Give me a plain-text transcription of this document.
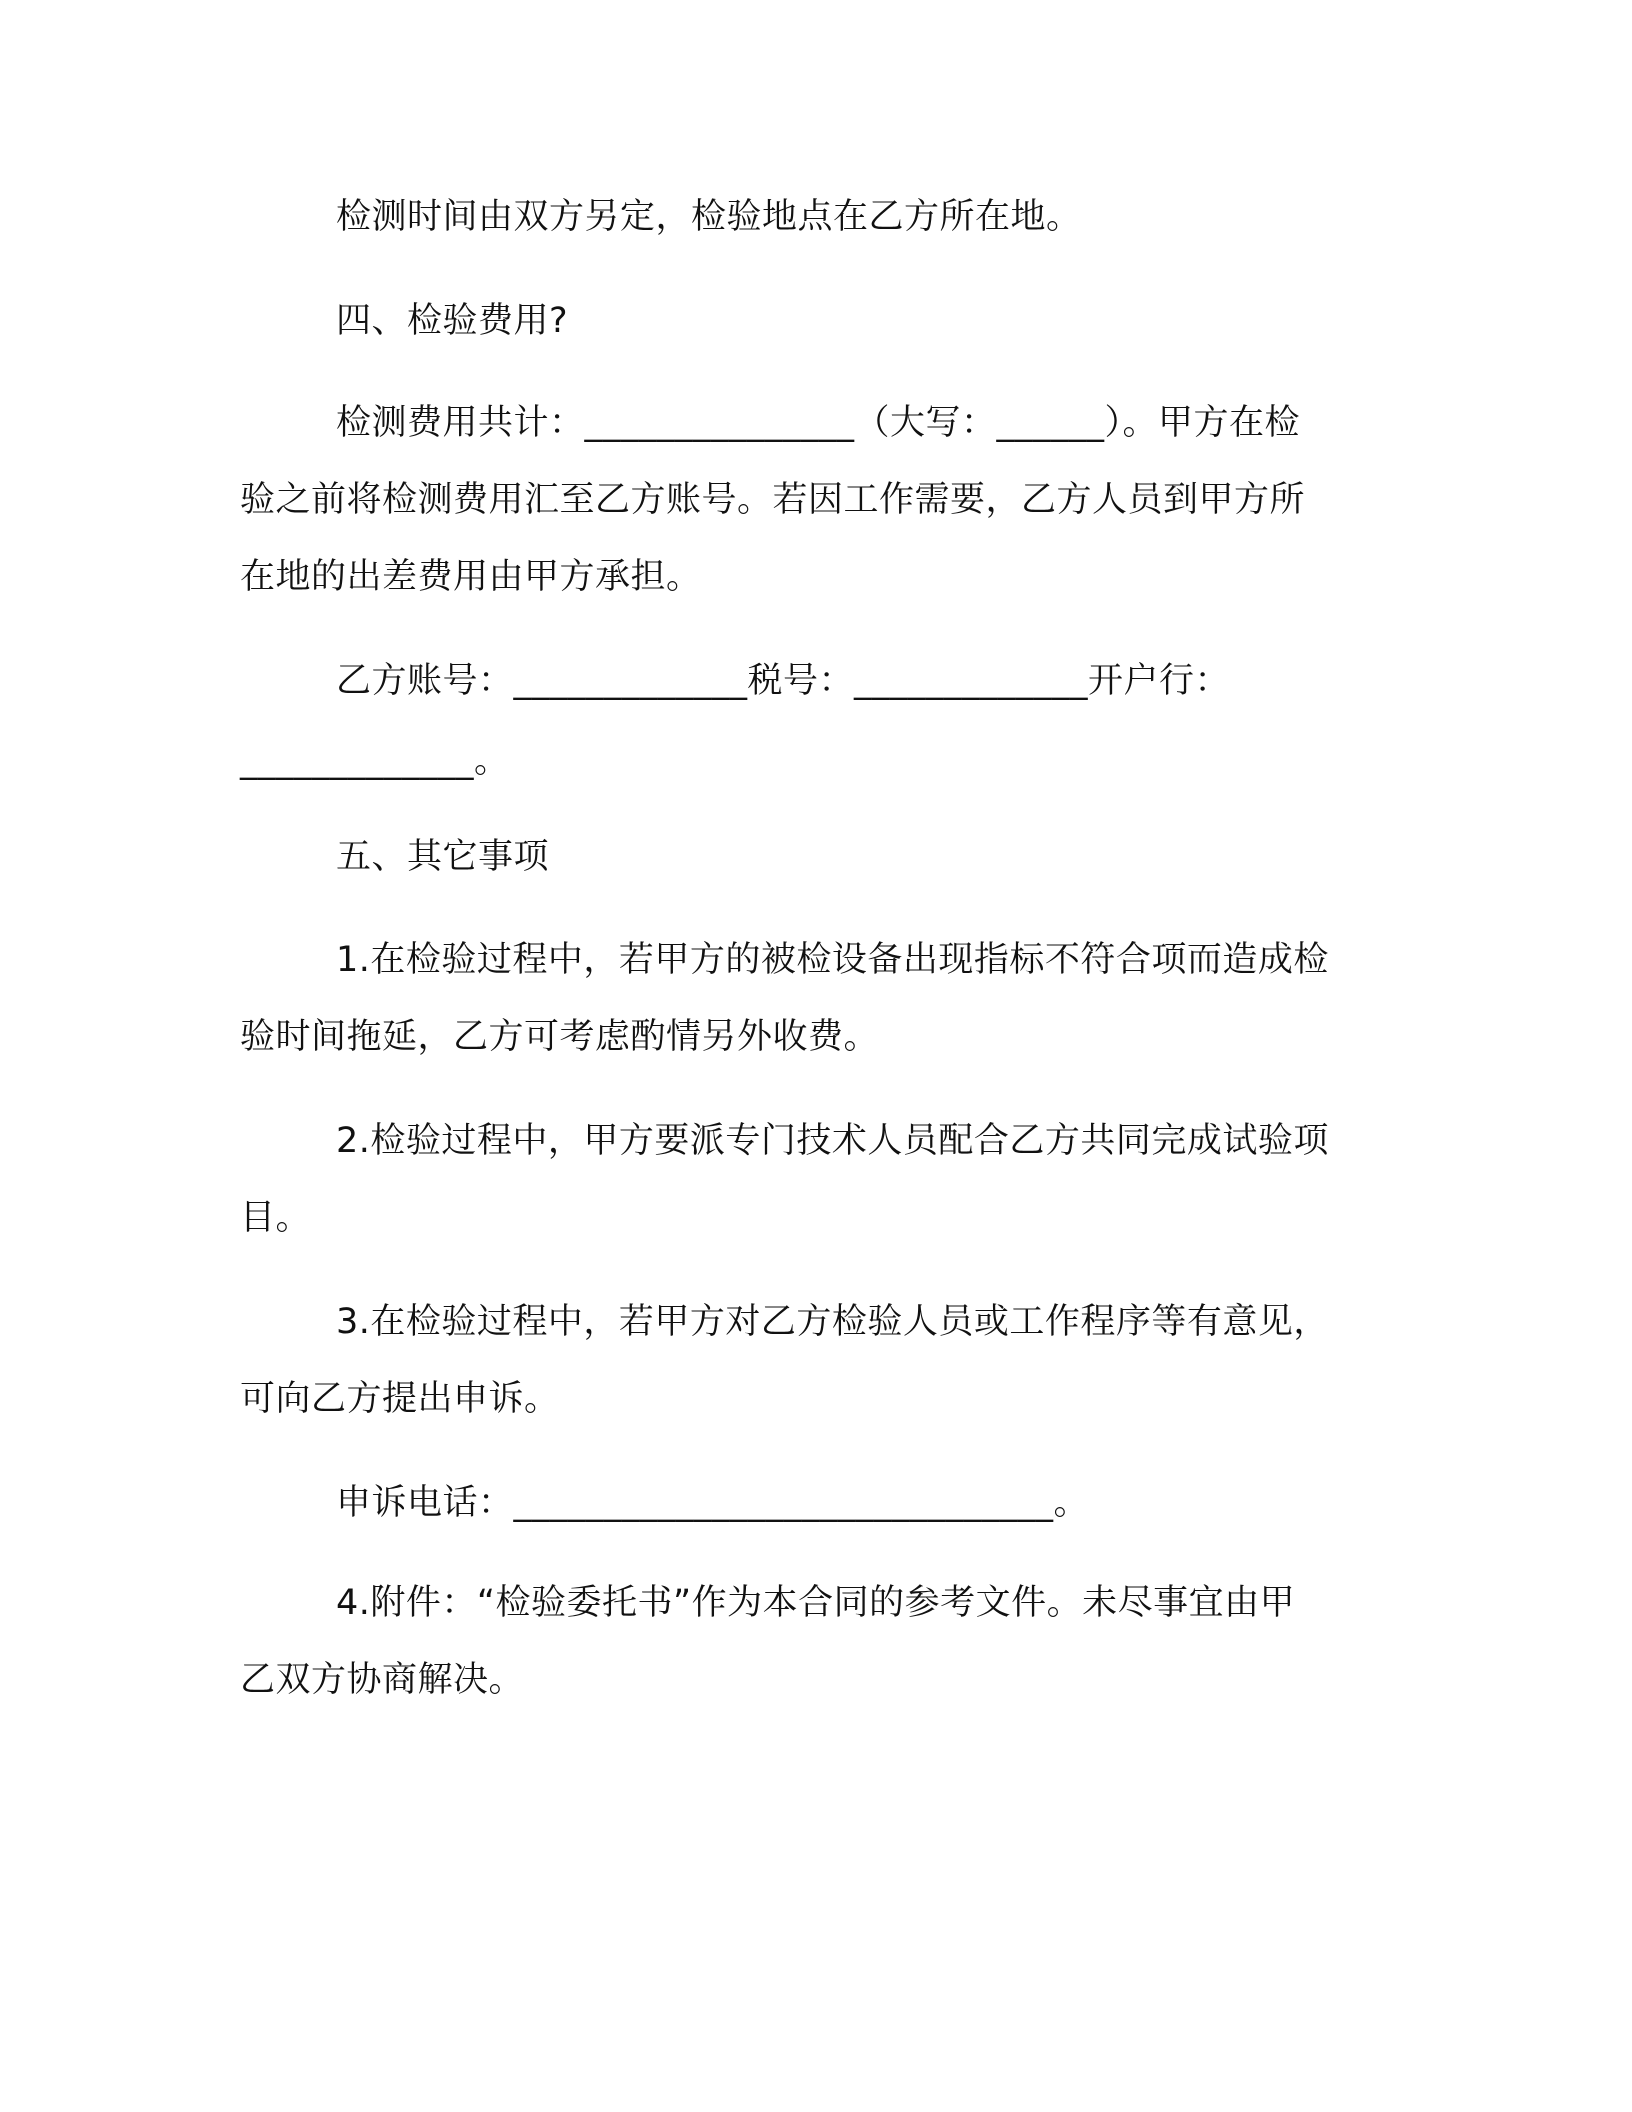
检测时间由双方另定，检验地点在乙方所在地。
四、检验费用?
检测费用共计：_______________（大写：______）。甲方在检
验之前将检测费用汇至乙方账号。若因工作需要，乙方人员到甲方所
在地的出差费用由甲方承担。
乙方账号：_____________税号：_____________开户行：
_____________。
五、其它事项
1.在检验过程中，若甲方的被检设备出现指标不符合项而造成检
验时间拖延，乙方可考虑酌情另外收费。
2.检验过程中，甲方要派专门技术人员配合乙方共同完成试验项
目。
3.在检验过程中，若甲方对乙方检验人员或工作程序等有意见，
可向乙方提出申诉。
申诉电话：______________________________。
4.附件：“检验委托书”作为本合同的参考文件。未尽事宜由甲
乙双方协商解决。
